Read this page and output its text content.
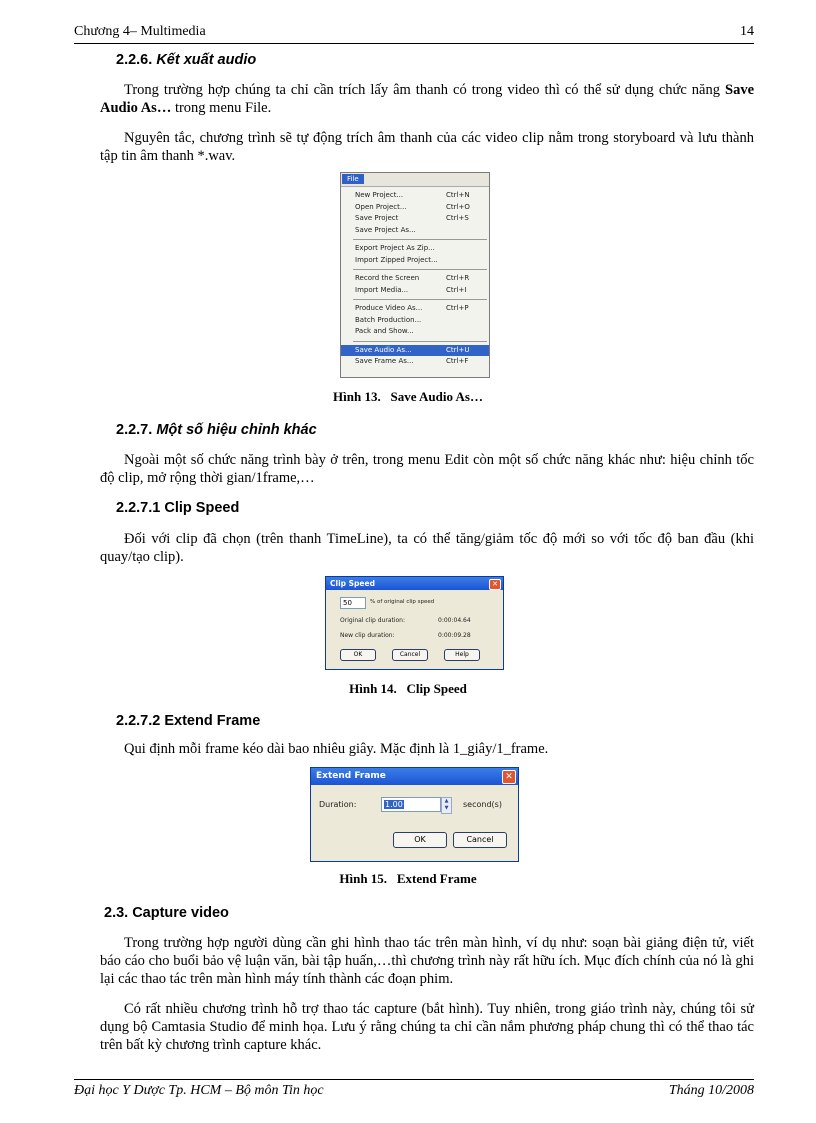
Chương 4– Multimedia	14
2.2.6. Kết xuất audio
Trong trường hợp chúng ta chỉ cần trích lấy âm thanh có trong video thì có thể sử dụng chức năng Save Audio As… trong menu File.
Nguyên tắc, chương trình sẽ tự động trích âm thanh của các video clip nằm trong storyboard và lưu thành tập tin âm thanh *.wav.
File
New Project...	Ctrl+N
Open Project...	Ctrl+O
Save Project	Ctrl+S
Save Project As...
Export Project As Zip...
Import Zipped Project...
Record the Screen	Ctrl+R
Import Media...	Ctrl+I
Produce Video As...	Ctrl+P
Batch Production...
Pack and Show...
Save Audio As...	Ctrl+U
Save Frame As...	Ctrl+F
Hình 13. Save Audio As…
2.2.7. Một số hiệu chỉnh khác
Ngoài một số chức năng trình bày ở trên, trong menu Edit còn một số chức năng khác như: hiệu chỉnh tốc độ clip, mở rộng thời gian/1frame,…
2.2.7.1 Clip Speed
Đối với clip đã chọn (trên thanh TimeLine), ta có thể tăng/giảm tốc độ mới so với tốc độ ban đầu (khi quay/tạo clip).
Clip Speed	✕
50	% of original clip speed
Original clip duration:	0:00:04.64
New clip duration:	0:00:09.28
OK	Cancel	Help
Hình 14. Clip Speed
2.2.7.2 Extend Frame
Qui định mỗi frame kéo dài bao nhiêu giây. Mặc định là 1_giây/1_frame.
Extend Frame	✕
Duration:	1.00	▲
▼	second(s)
OK	Cancel
Hình 15. Extend Frame
2.3. Capture video
Trong trường hợp người dùng cần ghi hình thao tác trên màn hình, ví dụ như: soạn bài giảng điện tử, viết báo cáo cho buổi bảo vệ luận văn, bài tập huấn,…thì chương trình này rất hữu ích. Mục đích chính của nó là ghi lại các thao tác trên màn hình máy tính thành các đoạn phim.
Có rất nhiều chương trình hỗ trợ thao tác capture (bắt hình). Tuy nhiên, trong giáo trình này, chúng tôi sử dụng bộ Camtasia Studio để minh họa. Lưu ý rằng chúng ta chỉ cần nắm phương pháp chung thì có thể thao tác trên bất kỳ chương trình capture khác.
Đại học Y Dược Tp. HCM – Bộ môn Tin học	Tháng 10/2008
